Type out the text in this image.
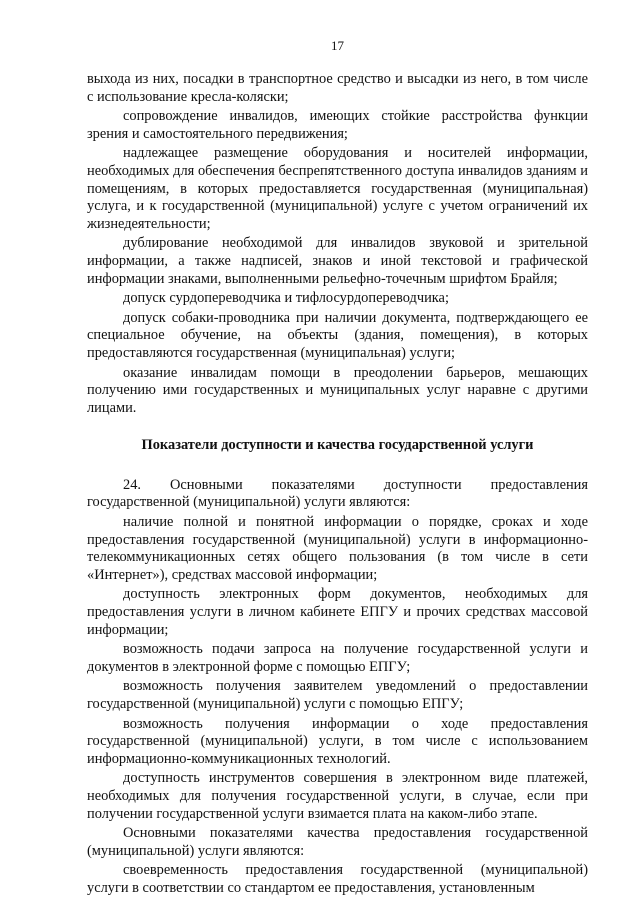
17

выхода из них, посадки в транспортное средство и высадки из него, в том числе с использование кресла-коляски;

сопровождение инвалидов, имеющих стойкие расстройства функции зрения и самостоятельного передвижения;

надлежащее размещение оборудования и носителей информации, необходимых для обеспечения беспрепятственного доступа инвалидов зданиям и помещениям, в которых предоставляется государственная (муниципальная) услуга, и к государственной (муниципальной) услуге с учетом ограничений их жизнедеятельности;

дублирование необходимой для инвалидов звуковой и зрительной информации, а также надписей, знаков и иной текстовой и графической информации знаками, выполненными рельефно-точечным шрифтом Брайля;

допуск сурдопереводчика и тифлосурдопереводчика;

допуск собаки-проводника при наличии документа, подтверждающего ее специальное обучение, на объекты (здания, помещения), в которых предоставляются государственная (муниципальная) услуги;

оказание инвалидам помощи в преодолении барьеров, мешающих получению ими государственных и муниципальных услуг наравне с другими лицами.

Показатели доступности и качества государственной услуги

24. Основными показателями доступности предоставления государственной (муниципальной) услуги являются:

наличие полной и понятной информации о порядке, сроках и ходе предоставления государственной (муниципальной) услуги в информационно-телекоммуникационных сетях общего пользования (в том числе в сети «Интернет»), средствах массовой информации;

доступность электронных форм документов, необходимых для предоставления услуги в личном кабинете ЕПГУ и прочих средствах массовой информации;

возможность подачи запроса на получение государственной услуги и документов в электронной форме с помощью ЕПГУ;

возможность получения заявителем уведомлений о предоставлении государственной (муниципальной) услуги с помощью ЕПГУ;

возможность получения информации о ходе предоставления государственной (муниципальной) услуги, в том числе с использованием информационно-коммуникационных технологий.

доступность инструментов совершения в электронном виде платежей, необходимых для получения государственной услуги, в случае, если при получении государственной услуги взимается плата на каком-либо этапе.

Основными показателями качества предоставления государственной (муниципальной) услуги являются:

своевременность предоставления государственной (муниципальной) услуги в соответствии со стандартом ее предоставления, установленным
